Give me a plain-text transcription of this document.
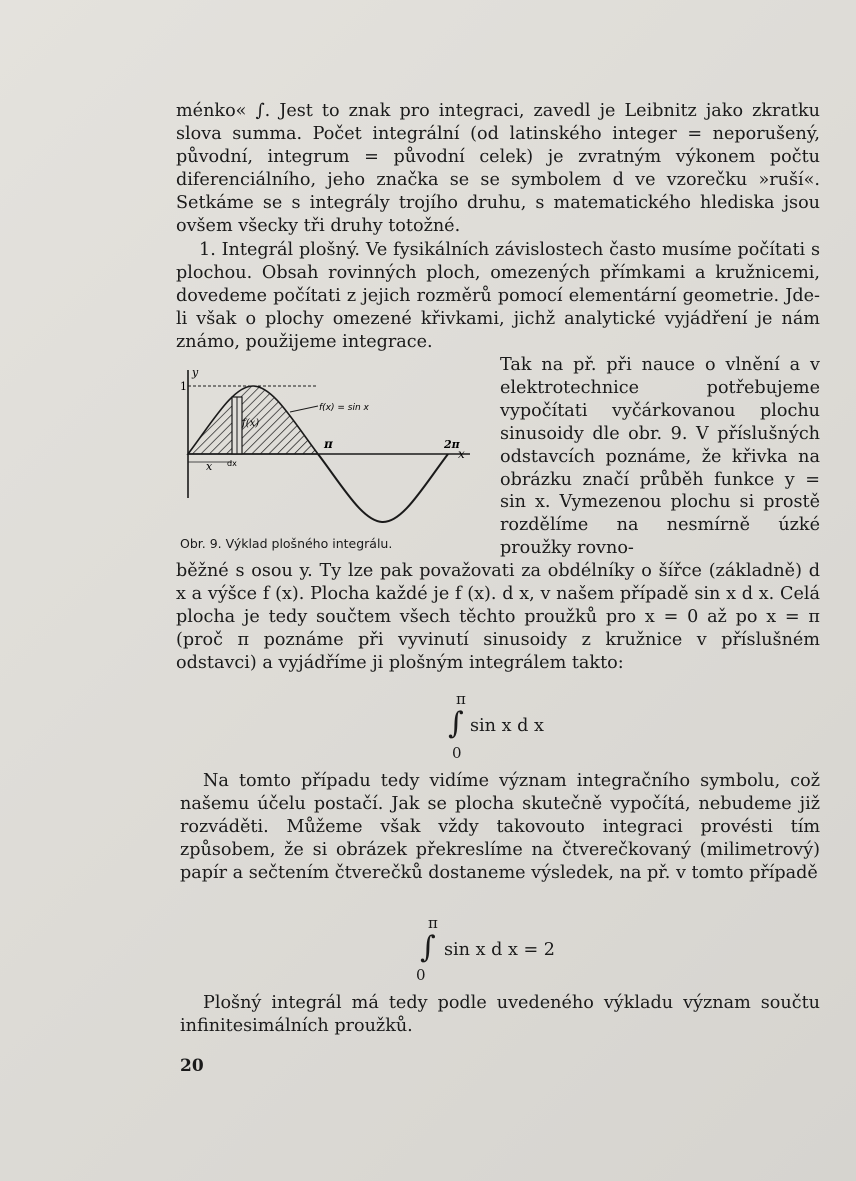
ménko« ∫. Jest to znak pro integraci, zavedl je Leibnitz jako zkratku slova summa. Počet integrální (od latinského integer = neporušený, původní, integrum = původní celek) je zvratným výkonem počtu diferenciálního, jeho značka se se symbolem d ve vzorečku »ruší«. Setkáme se s integrály trojího druhu, s matematického hlediska jsou ovšem všecky tři druhy totožné.

1. Integrál plošný. Ve fysikálních závislostech často musíme počítati s plochou. Obsah rovinných ploch, omezených přímkami a kružnicemi, dovedeme počítati z jejich rozměrů pomocí elementární geometrie. Jde-li však o plochy omezené křivkami, jichž analytické vyjádření je nám známo, použijeme integrace.

y
1
f(x)
f(x) = sin x
π	2π
x
x dx
Obr. 9. Výklad plošného integrálu.

Tak na př. při nauce o vlnění a v elektrotechnice potřebujeme vypočítati vyčárkovanou plochu sinusoidy dle obr. 9. V příslušných odstavcích poznáme, že křivka na obrázku značí průběh funkce y = sin x. Vymezenou plochu si prostě rozdělíme na nesmírně úzké proužky rovno-

běžné s osou y. Ty lze pak považovati za obdélníky o šířce (základně) d x a výšce f (x). Plocha každé je f (x). d x, v našem případě sin x d x. Celá plocha je tedy součtem všech těchto proužků pro x = 0 až po x = π (proč π poznáme při vyvinutí sinusoidy z kružnice v příslušném odstavci) a vyjádříme ji plošným integrálem takto:

π
∫ sin x d x
0

Na tomto případu tedy vidíme význam integračního symbolu, což našemu účelu postačí. Jak se plocha skutečně vypočítá, nebudeme již rozváděti. Můžeme však vždy takovouto integraci provésti tím způsobem, že si obrázek překreslíme na čtverečkovaný (milimetrový) papír a sečtením čtverečků dostaneme výsledek, na př. v tomto případě

π
∫ sin x d x = 2
0

Plošný integrál má tedy podle uvedeného výkladu význam součtu infinitesimálních proužků.

20
